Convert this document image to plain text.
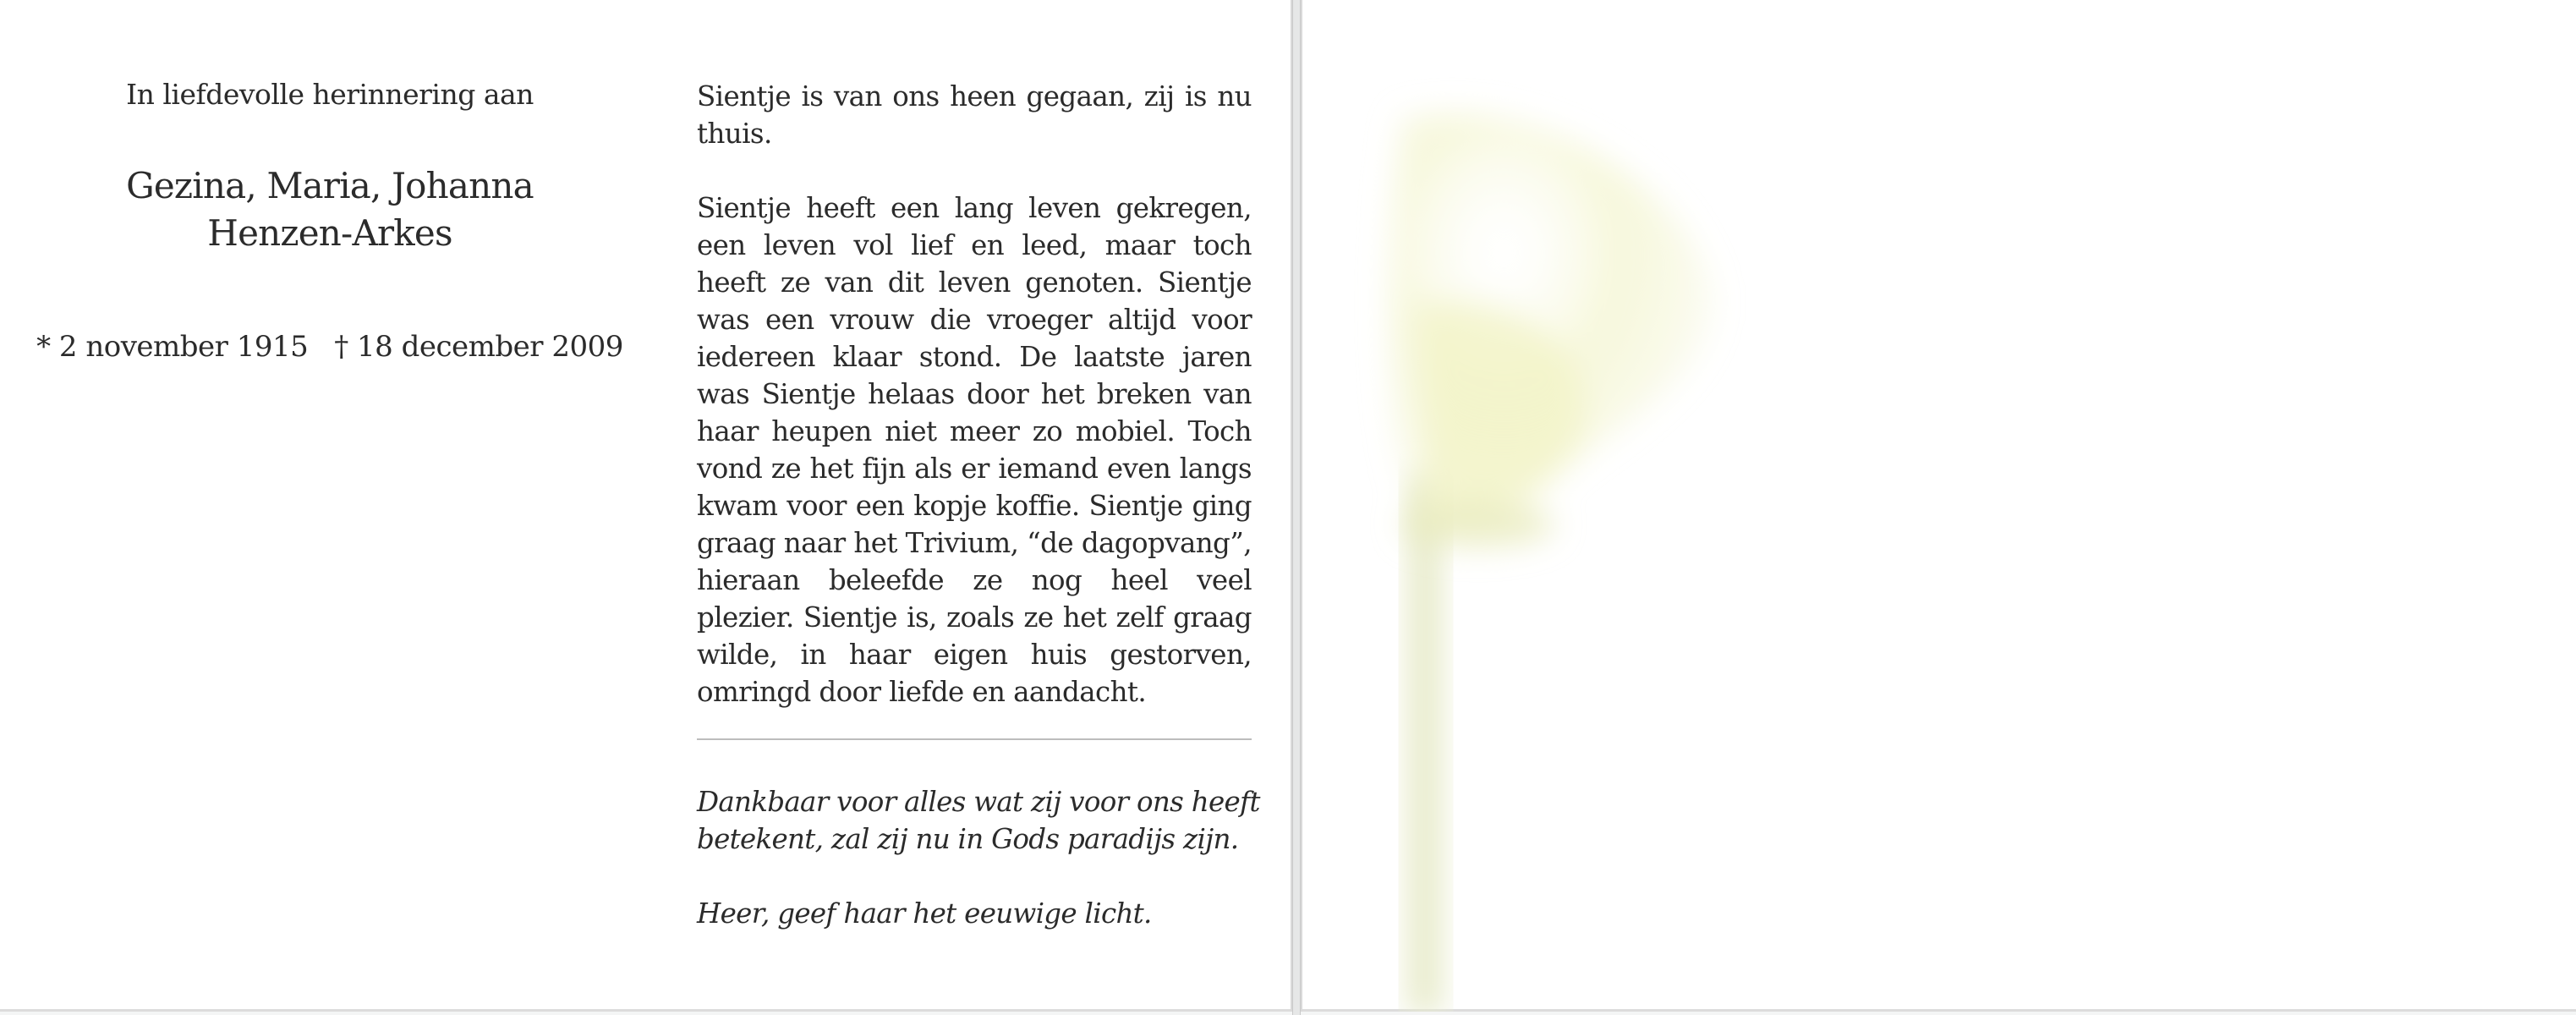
In liefdevolle herinnering aan
Gezina, Maria, Johanna
Henzen-Arkes
* 2 november 1915 † 18 december 2009

Sientje is van ons heen gegaan, zij is nu thuis.

Sientje heeft een lang leven gekregen, een leven vol lief en leed, maar toch heeft ze van dit leven genoten. Sientje was een vrouw die vroeger altijd voor iedereen klaar stond. De laatste jaren was Sientje helaas door het breken van haar heupen niet meer zo mobiel. Toch vond ze het fijn als er iemand even langs kwam voor een kopje koffie. Sientje ging graag naar het Trivium, “de dagopvang”, hieraan beleefde ze nog heel veel plezier. Sientje is, zoals ze het zelf graag wilde, in haar eigen huis gestorven, omringd door liefde en aandacht.

Dankbaar voor alles wat zij voor ons heeft betekent, zal zij nu in Gods paradijs zijn.

Heer, geef haar het eeuwige licht.
